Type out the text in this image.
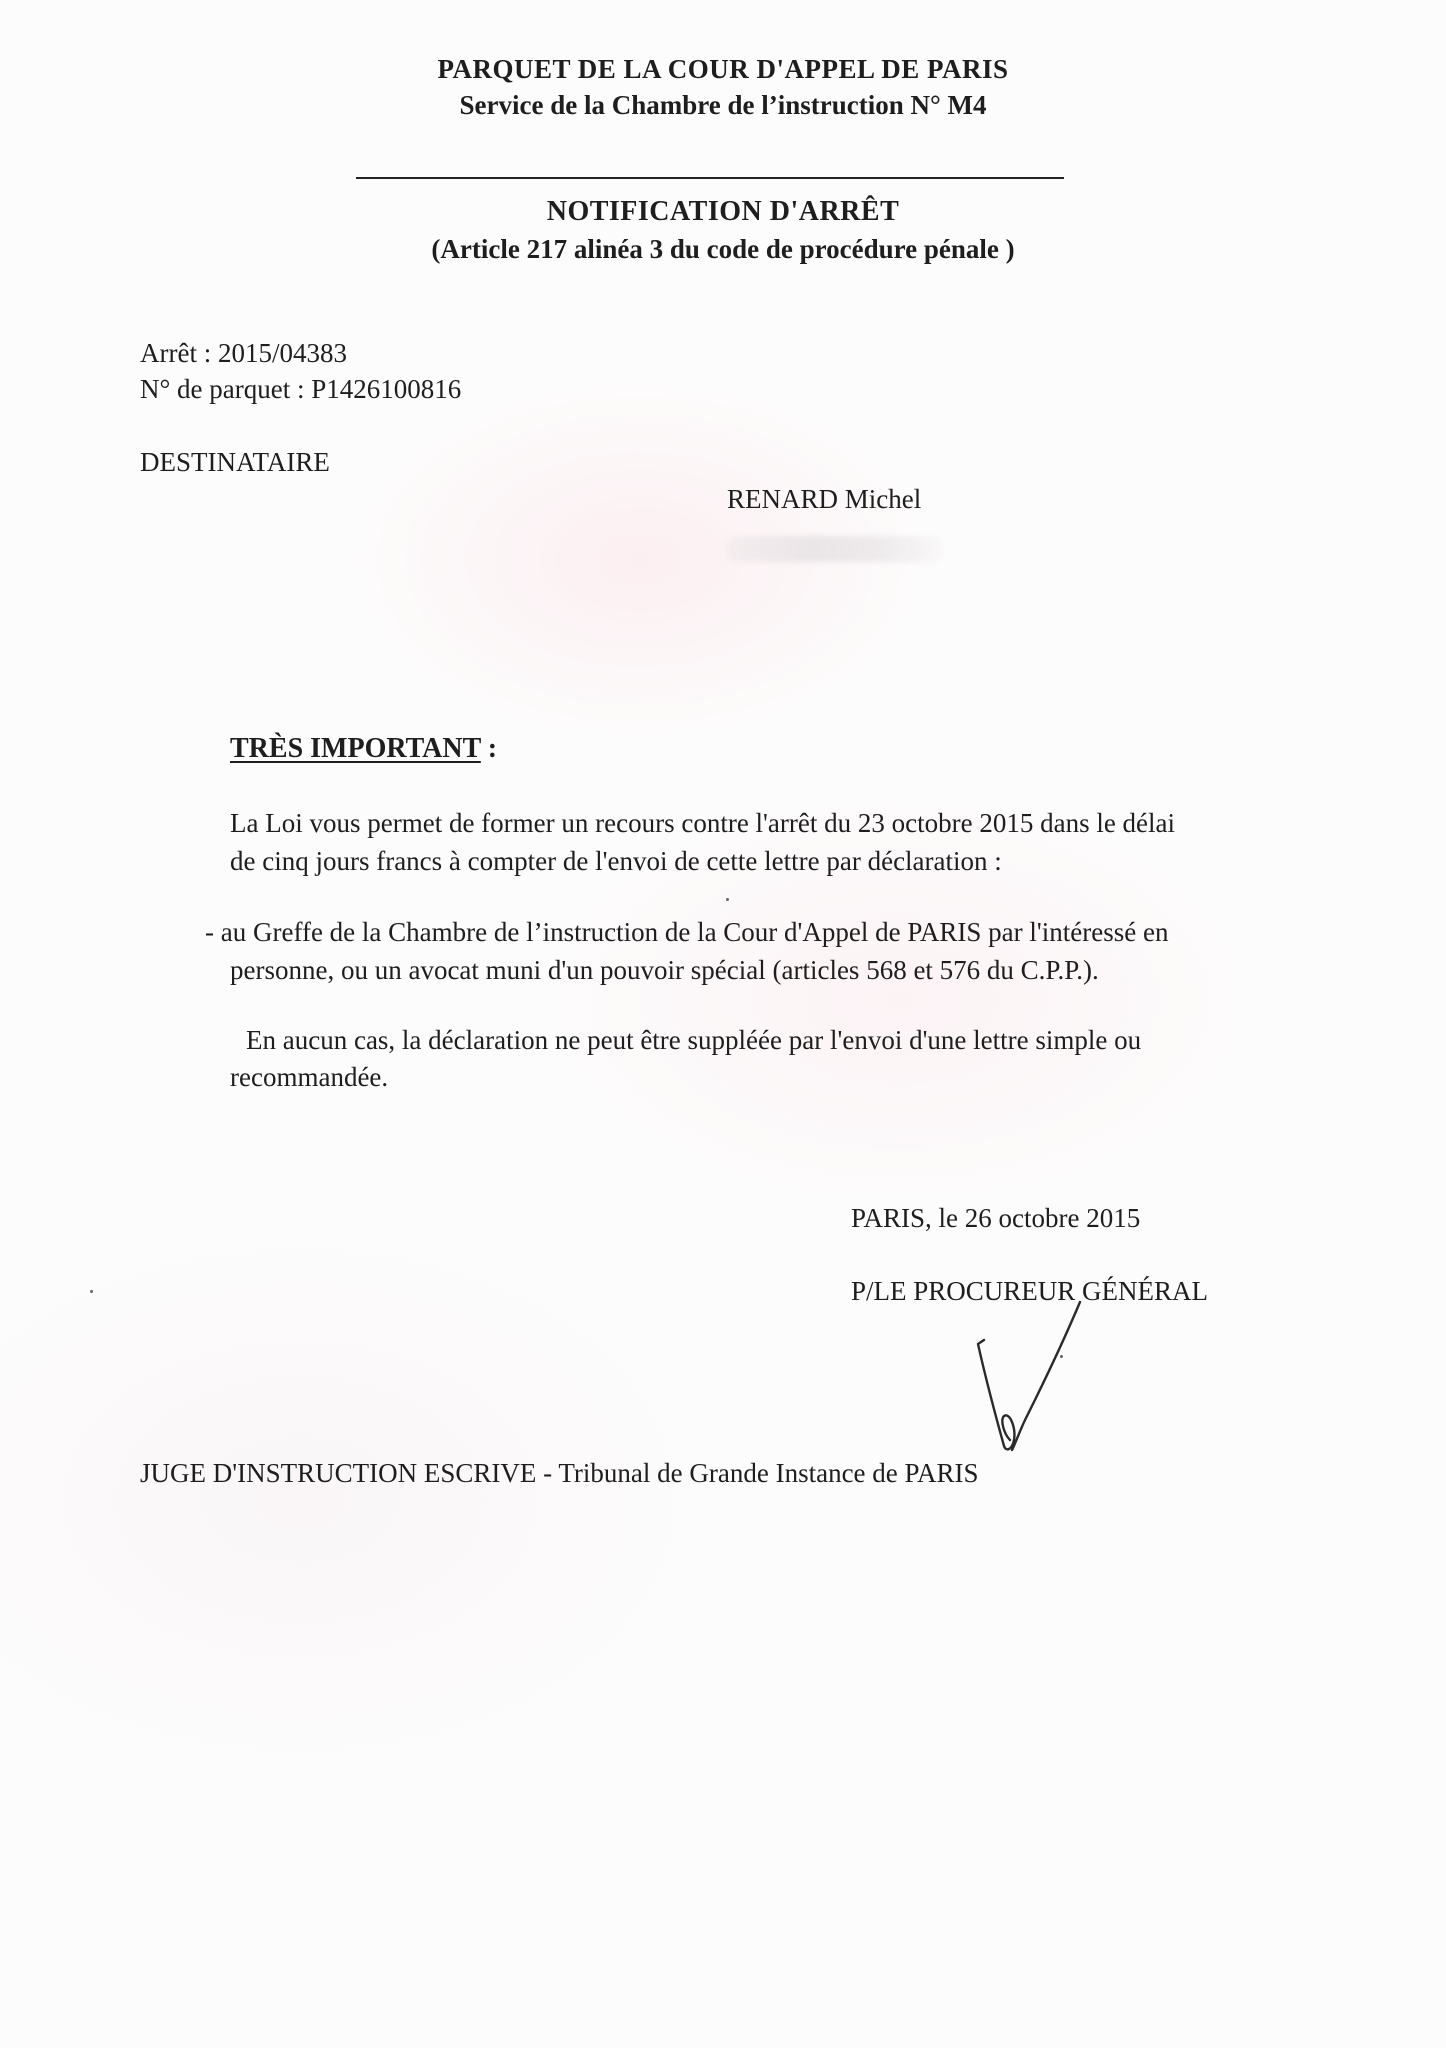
PARQUET DE LA COUR D'APPEL DE PARIS
Service de la Chambre de l’instruction N° M4
NOTIFICATION D'ARRÊT
(Article 217 alinéa 3 du code de procédure pénale )
Arrêt : 2015/04383
N° de parquet : P1426100816
DESTINATAIRE
RENARD Michel
TRÈS IMPORTANT :
La Loi vous permet de former un recours contre l'arrêt du 23 octobre 2015 dans le délai
de cinq jours francs à compter de l'envoi de cette lettre par déclaration :
- au Greffe de la Chambre de l’instruction de la Cour d'Appel de PARIS par l'intéressé en
personne, ou un avocat muni d'un pouvoir spécial (articles 568 et 576 du C.P.P.).
En aucun cas, la déclaration ne peut être suppléée par l'envoi d'une lettre simple ou
recommandée.
PARIS, le 26 octobre 2015
P/LE PROCUREUR GÉNÉRAL
JUGE D'INSTRUCTION ESCRIVE - Tribunal de Grande Instance de PARIS
